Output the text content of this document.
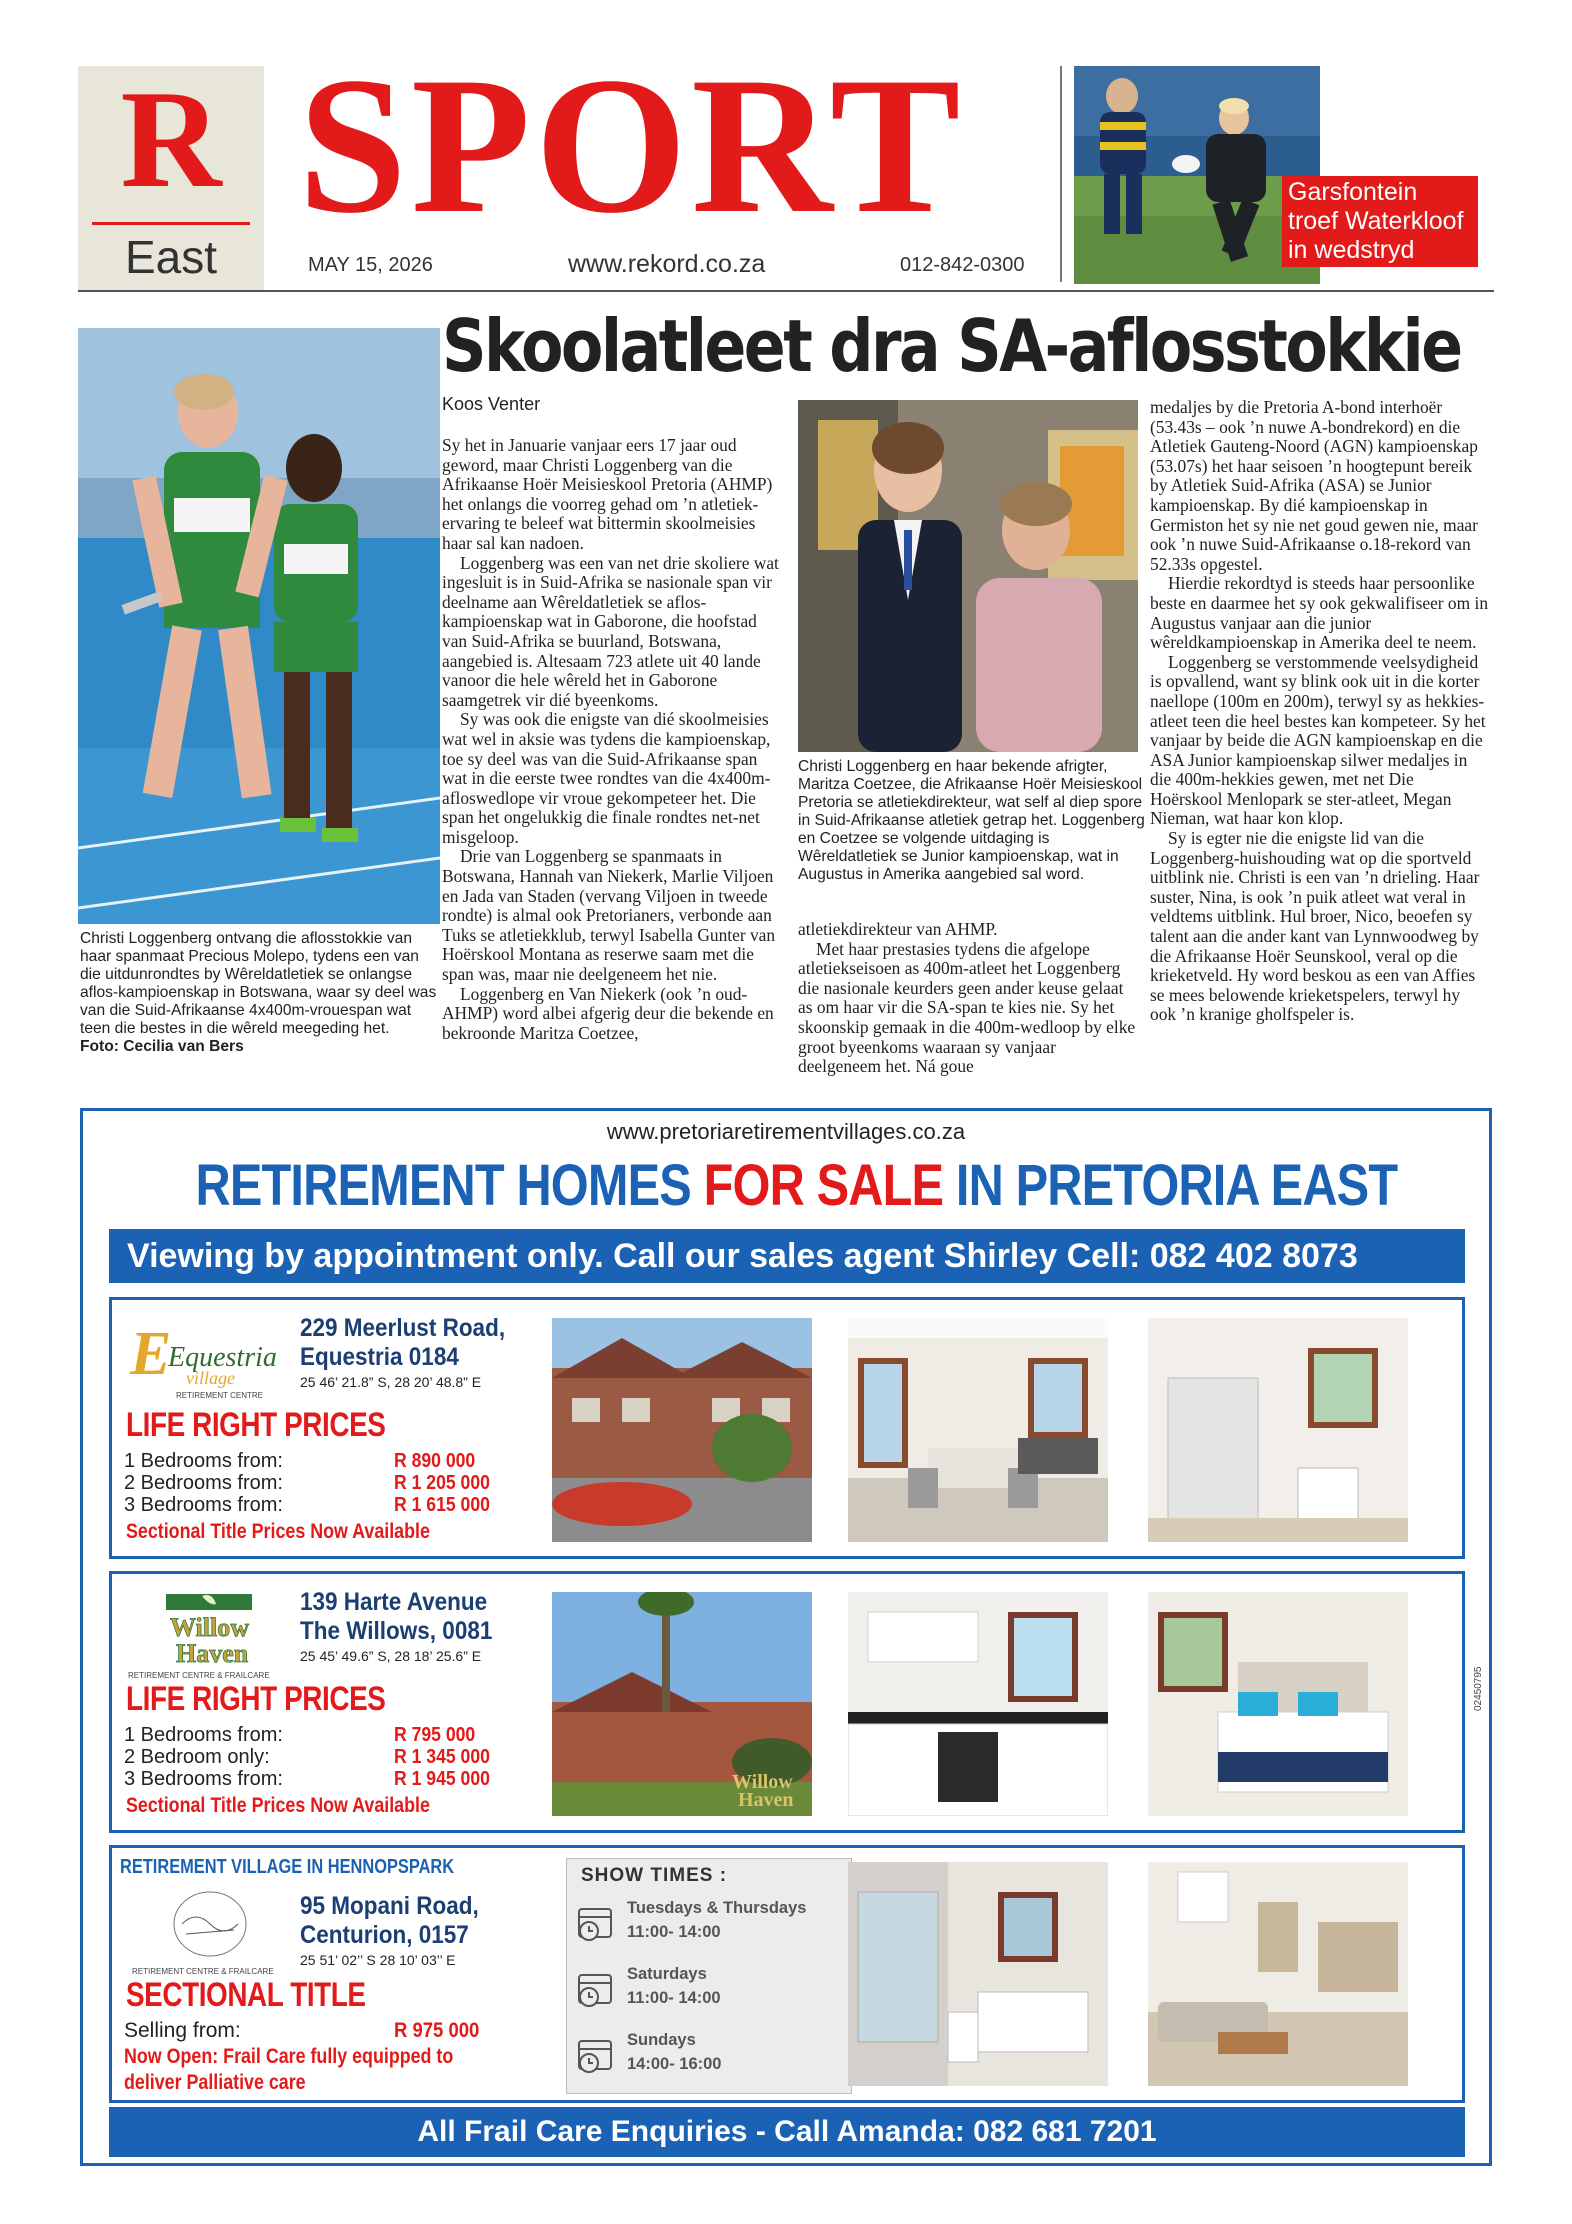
R
East
SPORT
MAY 15, 2026	www.rekord.co.za	012-842-0300
Garsfontein troef Waterkloof in wedstryd
Christi Loggenberg ontvang die aflosstokkie van haar spanmaat Precious Molepo, tydens een van die uitdunrondtes by Wêreldatletiek se onlangse aflos-kampioenskap in Botswana, waar sy deel was van die Suid-Afrikaanse 4x400m-vrouespan wat teen die bestes in die wêreld meegeding het.
Foto: Cecilia van Bers
Skoolatleet dra SA-aflosstokkie
Koos Venter

Sy het in Januarie vanjaar eers 17 jaar oud geword, maar Christi Loggenberg van die Afrikaanse Hoër Meisieskool Pretoria (AHMP) het onlangs die voorreg gehad om ’n atletiek-ervaring te beleef wat bittermin skoolmeisies haar sal kan nadoen.

Loggenberg was een van net drie skoliere wat ingesluit is in Suid-Afrika se nasionale span vir deelname aan Wêreldatletiek se aflos-kampioenskap wat in Gaborone, die hoofstad van Suid-Afrika se buurland, Botswana, aangebied is. Altesaam 723 atlete uit 40 lande vanoor die hele wêreld het in Gaborone saamgetrek vir dié byeenkoms.

Sy was ook die enigste van dié skoolmeisies wat wel in aksie was tydens die kampioenskap, toe sy deel was van die Suid-Afrikaanse span wat in die eerste twee rondtes van die 4x400m-afloswedlope vir vroue gekompeteer het. Die span het ongelukkig die finale rondtes net-net misgeloop.

Drie van Loggenberg se spanmaats in Botswana, Hannah van Niekerk, Marlie Viljoen en Jada van Staden (vervang Viljoen in tweede rondte) is almal ook Pretorianers, verbonde aan Tuks se atletiekklub, terwyl Isabella Gunter van Hoërskool Montana as reserwe saam met die span was, maar nie deelgeneem het nie.

Loggenberg en Van Niekerk (ook ’n oud-AHMP) word albei afgerig deur die bekende en bekroonde Maritza Coetzee,

Christi Loggenberg en haar bekende afrigter, Maritza Coetzee, die Afrikaanse Hoër Meisieskool Pretoria se atletiekdirekteur, wat self al diep spore in Suid-Afrikaanse atletiek getrap het. Loggenberg en Coetzee se volgende uitdaging is Wêreldatletiek se Junior kampioenskap, wat in Augustus in Amerika aangebied sal word.

atletiekdirekteur van AHMP.

Met haar prestasies tydens die afgelope atletiekseisoen as 400m-atleet het Loggenberg die nasionale keurders geen ander keuse gelaat as om haar vir die SA-span te kies nie. Sy het skoonskip gemaak in die 400m-wedloop by elke groot byeenkoms waaraan sy vanjaar deelgeneem het. Ná goue

medaljes by die Pretoria A-bond interhoër (53.43s – ook ’n nuwe A-bondrekord) en die Atletiek Gauteng-Noord (AGN) kampioenskap (53.07s) het haar seisoen ’n hoogtepunt bereik by Atletiek Suid-Afrika (ASA) se Junior kampioenskap. By dié kampioenskap in Germiston het sy nie net goud gewen nie, maar ook ’n nuwe Suid-Afrikaanse o.18-rekord van 52.33s opgestel.

Hierdie rekordtyd is steeds haar persoonlike beste en daarmee het sy ook gekwalifiseer om in Augustus vanjaar aan die junior wêreldkampioenskap in Amerika deel te neem.

Loggenberg se verstommende veelsydigheid is opvallend, want sy blink ook uit in die korter naellope (100m en 200m), terwyl sy as hekkies-atleet teen die heel bestes kan kompeteer. Sy het vanjaar by beide die AGN kampioenskap en die ASA Junior kampioenskap silwer medaljes in die 400m-hekkies gewen, met net Die Hoërskool Menlopark se ster-atleet, Megan Nieman, wat haar kon klop.

Sy is egter nie die enigste lid van die Loggenberg-huishouding wat op die sportveld uitblink nie. Christi is een van ’n drieling. Haar suster, Nina, is ook ’n puik atleet wat veral in veldtems uitblink. Hul broer, Nico, beoefen sy talent aan die ander kant van Lynnwoodweg by die Afrikaanse Hoër Seunskool, veral op die krieketveld. Hy word beskou as een van Affies se mees belowende krieketspelers, terwyl hy ook ’n kranige gholfspeler is.

www.pretoriaretirementvillages.co.za
RETIREMENT HOMES FOR SALE IN PRETORIA EAST
Viewing by appointment only. Call our sales agent Shirley Cell: 082 402 8073
E
Equestria
village
RETIREMENT CENTRE
229 Meerlust Road,
Equestria 0184
25 46’ 21.8” S, 28 20’ 48.8” E
LIFE RIGHT PRICES
1 Bedrooms from:	R 890 000
2 Bedrooms from:	R 1 205 000
3 Bedrooms from:	R 1 615 000
Sectional Title Prices Now Available
Willow
Haven
RETIREMENT CENTRE & FRAILCARE
139 Harte Avenue
The Willows, 0081
25 45’ 49.6” S, 28 18’ 25.6” E
LIFE RIGHT PRICES
1 Bedrooms from:	R 795 000
2 Bedroom only:	R 1 345 000
3 Bedrooms from:	R 1 945 000
Sectional Title Prices Now Available
Willow
Haven
RETIREMENT VILLAGE IN HENNOPSPARK
RETIREMENT CENTRE & FRAILCARE
95 Mopani Road,
Centurion, 0157
25 51’ 02’’ S 28 10’ 03’’ E
SECTIONAL TITLE
Selling from:	R 975 000
Now Open: Frail Care fully equipped to deliver Palliative care
SHOW TIMES :
Tuesdays & Thursdays
11:00- 14:00
Saturdays
11:00- 14:00
Sundays
14:00- 16:00
All Frail Care Enquiries - Call Amanda: 082 681 7201
02450795
